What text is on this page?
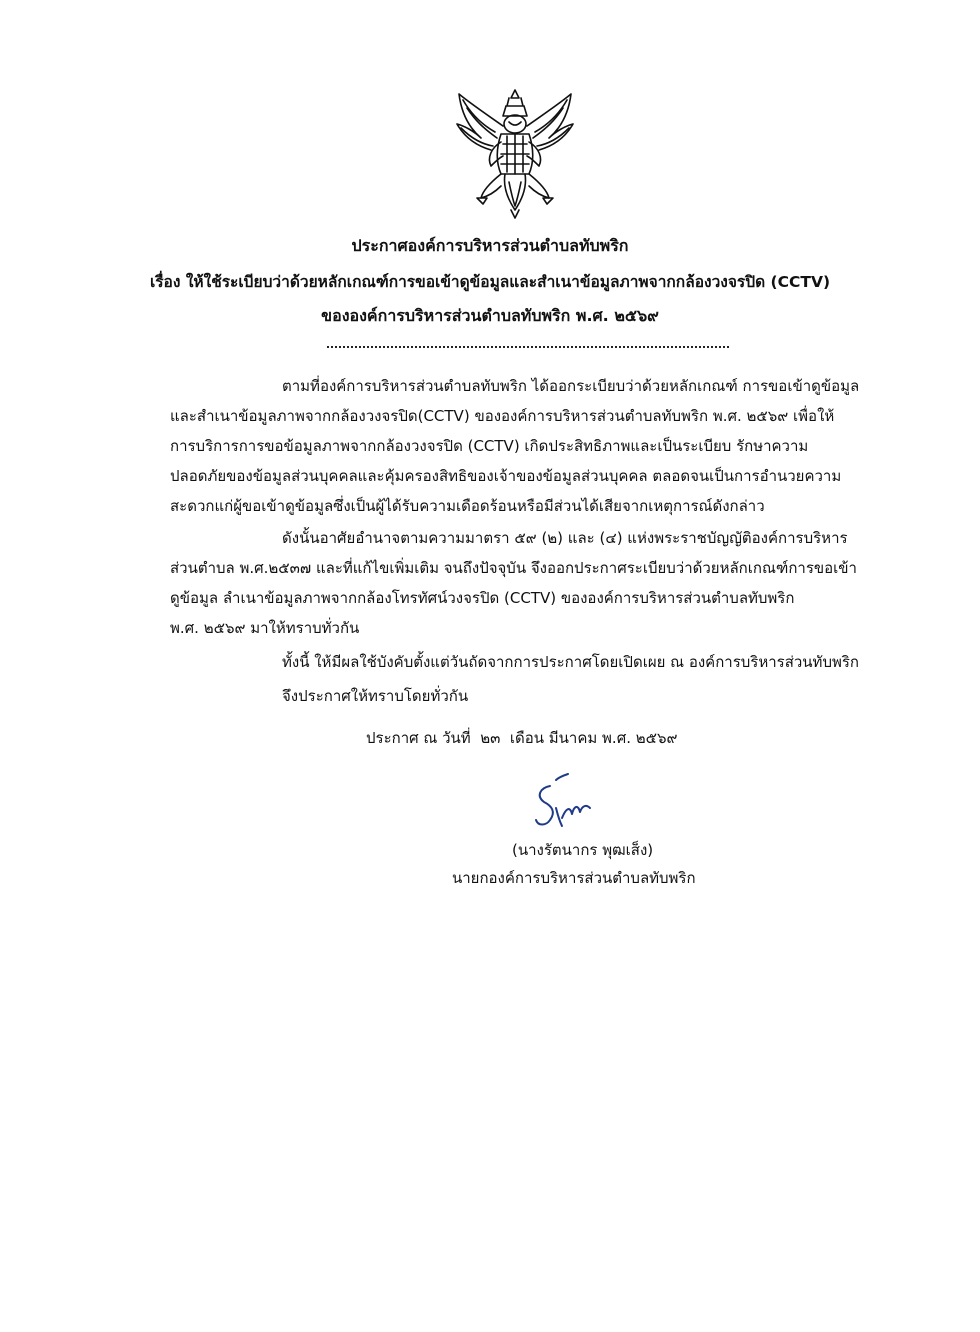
ประกาศองค์การบริหารส่วนตำบลทับพริก
เรื่อง ให้ใช้ระเบียบว่าด้วยหลักเกณฑ์การขอเข้าดูข้อมูลและสำเนาข้อมูลภาพจากกล้องวงจรปิด (CCTV)
ขององค์การบริหารส่วนตำบลทับพริก พ.ศ. ๒๕๖๙
ตามที่องค์การบริหารส่วนตำบลทับพริก ได้ออกระเบียบว่าด้วยหลักเกณฑ์ การขอเข้าดูข้อมูล
และสำเนาข้อมูลภาพจากกล้องวงจรปิด(CCTV) ขององค์การบริหารส่วนตำบลทับพริก พ.ศ. ๒๕๖๙ เพื่อให้
การบริการการขอข้อมูลภาพจากกล้องวงจรปิด (CCTV) เกิดประสิทธิภาพและเป็นระเบียบ รักษาความ
ปลอดภัยของข้อมูลส่วนบุคคลและคุ้มครองสิทธิของเจ้าของข้อมูลส่วนบุคคล ตลอดจนเป็นการอำนวยความ
สะดวกแก่ผู้ขอเข้าดูข้อมูลซึ่งเป็นผู้ได้รับความเดือดร้อนหรือมีส่วนได้เสียจากเหตุการณ์ดังกล่าว
ดังนั้นอาศัยอำนาจตามความมาตรา ๕๙ (๒) และ (๔) แห่งพระราชบัญญัติองค์การบริหาร
ส่วนตำบล พ.ศ.๒๕๓๗ และที่แก้ไขเพิ่มเติม จนถึงปัจจุบัน จึงออกประกาศระเบียบว่าด้วยหลักเกณฑ์การขอเข้า
ดูข้อมูล ลำเนาข้อมูลภาพจากกล้องโทรทัศน์วงจรปิด (CCTV) ขององค์การบริหารส่วนตำบลทับพริก
พ.ศ. ๒๕๖๙ มาให้ทราบทั่วกัน
ทั้งนี้ ให้มีผลใช้บังคับตั้งแต่วันถัดจากการประกาศโดยเปิดเผย ณ องค์การบริหารส่วนทับพริก
จึงประกาศให้ทราบโดยทั่วกัน
ประกาศ ณ วันที่  ๒๓  เดือน มีนาคม พ.ศ. ๒๕๖๙
(นางรัตนากร พุฒเส็ง)
นายกองค์การบริหารส่วนตำบลทับพริก
